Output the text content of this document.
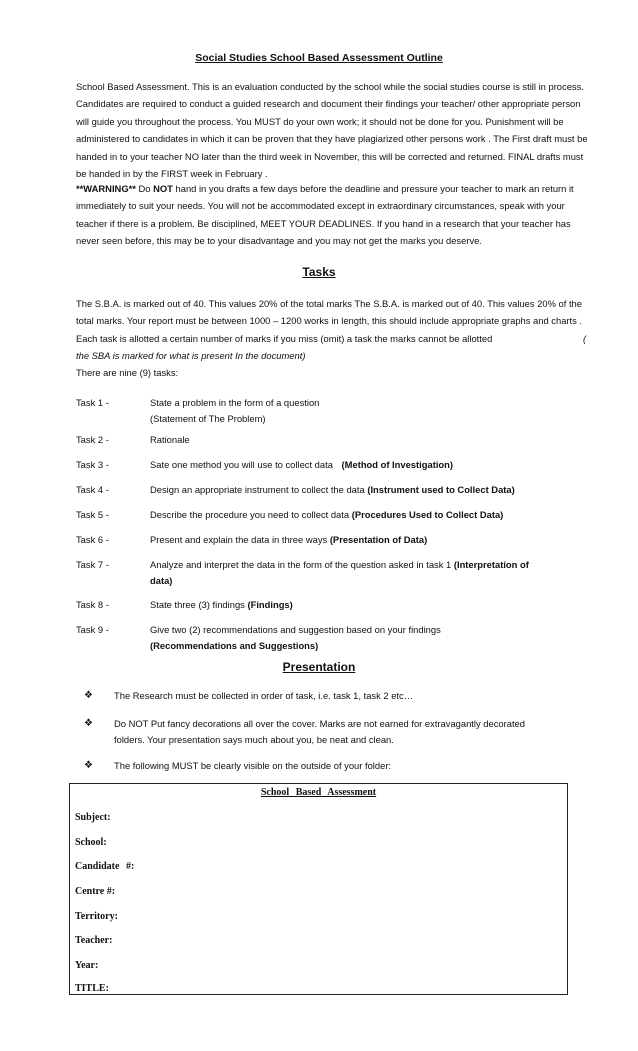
Social Studies School Based Assessment Outline
School Based Assessment. This is an evaluation conducted by the school while the social studies course is still in process. Candidates are required to conduct a guided research and document their findings your teacher/ other appropriate person will guide you throughout the process. You MUST do your own work; it should not be done for you. Punishment will be administered to candidates in which it can be proven that they have plagiarized other persons work . The First draft must be handed in to your teacher NO later than the third week in November, this will be corrected and returned. FINAL drafts must be handed in by the FIRST week in February .
**WARNING** Do NOT hand in you drafts a few days before the deadline and pressure your teacher to mark an return it immediately to suit your needs. You will not be accommodated except in extraordinary circumstances, speak with your teacher if there is a problem. Be disciplined, MEET YOUR DEADLINES. If you hand in a research that your teacher has never seen before, this may be to your disadvantage and you may not get the marks you deserve.
Tasks
The S.B.A. is marked out of 40. This values 20% of the total marks The S.B.A. is marked out of 40. This values 20% of the total marks. Your report must be between 1000 – 1200 works in length, this should include appropriate graphs and charts . Each task is allotted a certain number of marks if you miss (omit) a task the marks cannot be allotted	( the SBA is marked for what is present In the document)
There are nine (9) tasks:
Task 1 -	State a problem in the form of a question
(Statement of The Problem)
Task 2 -	Rationale
Task 3 -	Sate one method you will use to collect data (Method of Investigation)
Task 4 -	Design an appropriate instrument to collect the data (Instrument used to Collect Data)
Task 5 -	Describe the procedure you need to collect data (Procedures Used to Collect Data)
Task 6 -	Present and explain the data in three ways (Presentation of Data)
Task 7 -	Analyze and interpret the data in the form of the question asked in task 1 (Interpretation of
data)
Task 8 -	State three (3) findings (Findings)
Task 9 -	Give two (2) recommendations and suggestion based on your findings
(Recommendations and Suggestions)
Presentation
❖ The Research must be collected in order of task, i.e. task 1, task 2 etc…
❖ Do NOT Put fancy decorations all over the cover. Marks are not earned for extravagantly decorated
folders. Your presentation says much about you, be neat and clean.
❖ The following MUST be clearly visible on the outside of your folder:
School Based Assessment
Subject:
School:
Candidate #:
Centre #:
Territory:
Teacher:
Year:
TITLE:
